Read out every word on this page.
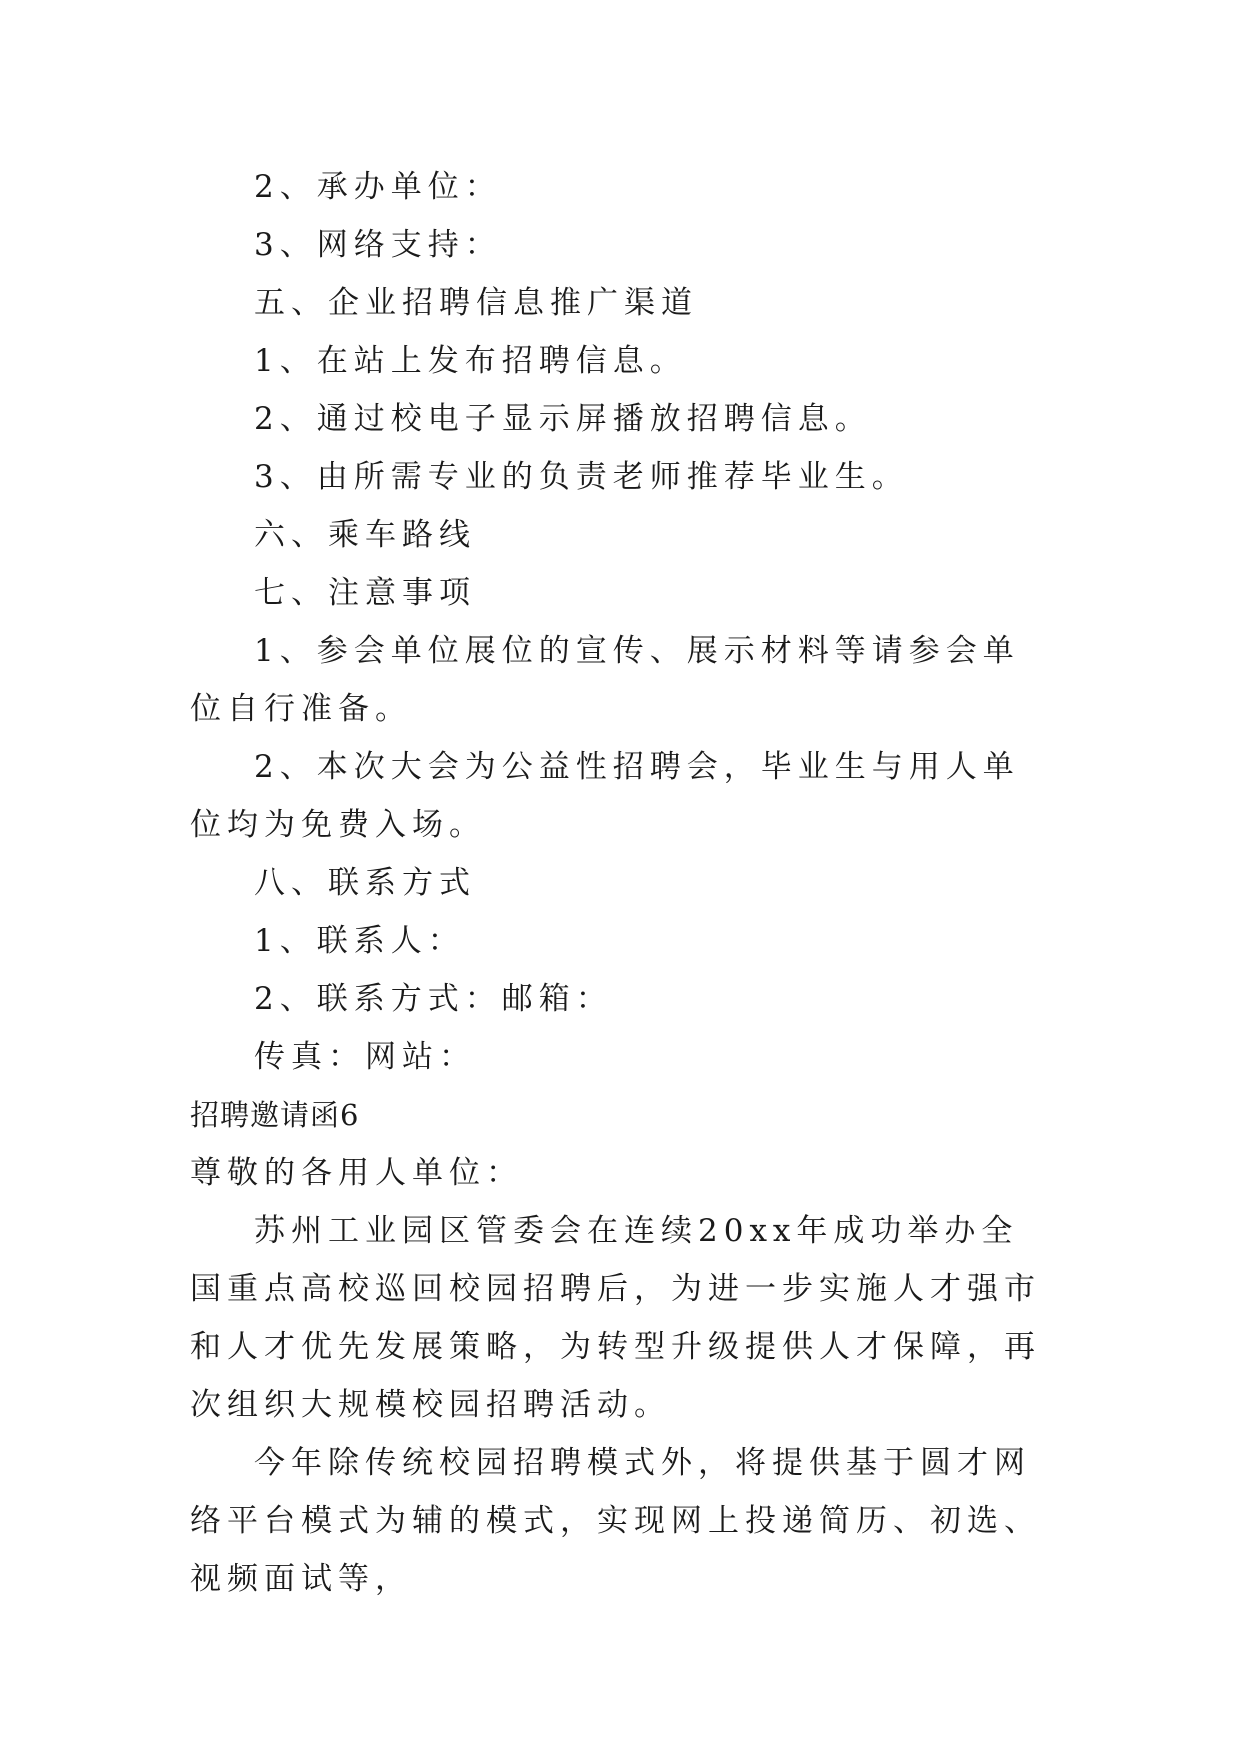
2、承办单位：

3、网络支持：

五、企业招聘信息推广渠道

1、在站上发布招聘信息。

2、通过校电子显示屏播放招聘信息。

3、由所需专业的负责老师推荐毕业生。

六、乘车路线

七、注意事项

1、参会单位展位的宣传、展示材料等请参会单位自行准备。

2、本次大会为公益性招聘会，毕业生与用人单位均为免费入场。

八、联系方式

1、联系人：

2、联系方式：邮箱：

传真：网站：

招聘邀请函6

尊敬的各用人单位：

苏州工业园区管委会在连续20xx年成功举办全国重点高校巡回校园招聘后，为进一步实施人才强市和人才优先发展策略，为转型升级提供人才保障，再次组织大规模校园招聘活动。

今年除传统校园招聘模式外，将提供基于圆才网络平台模式为辅的模式，实现网上投递简历、初选、视频面试等，
